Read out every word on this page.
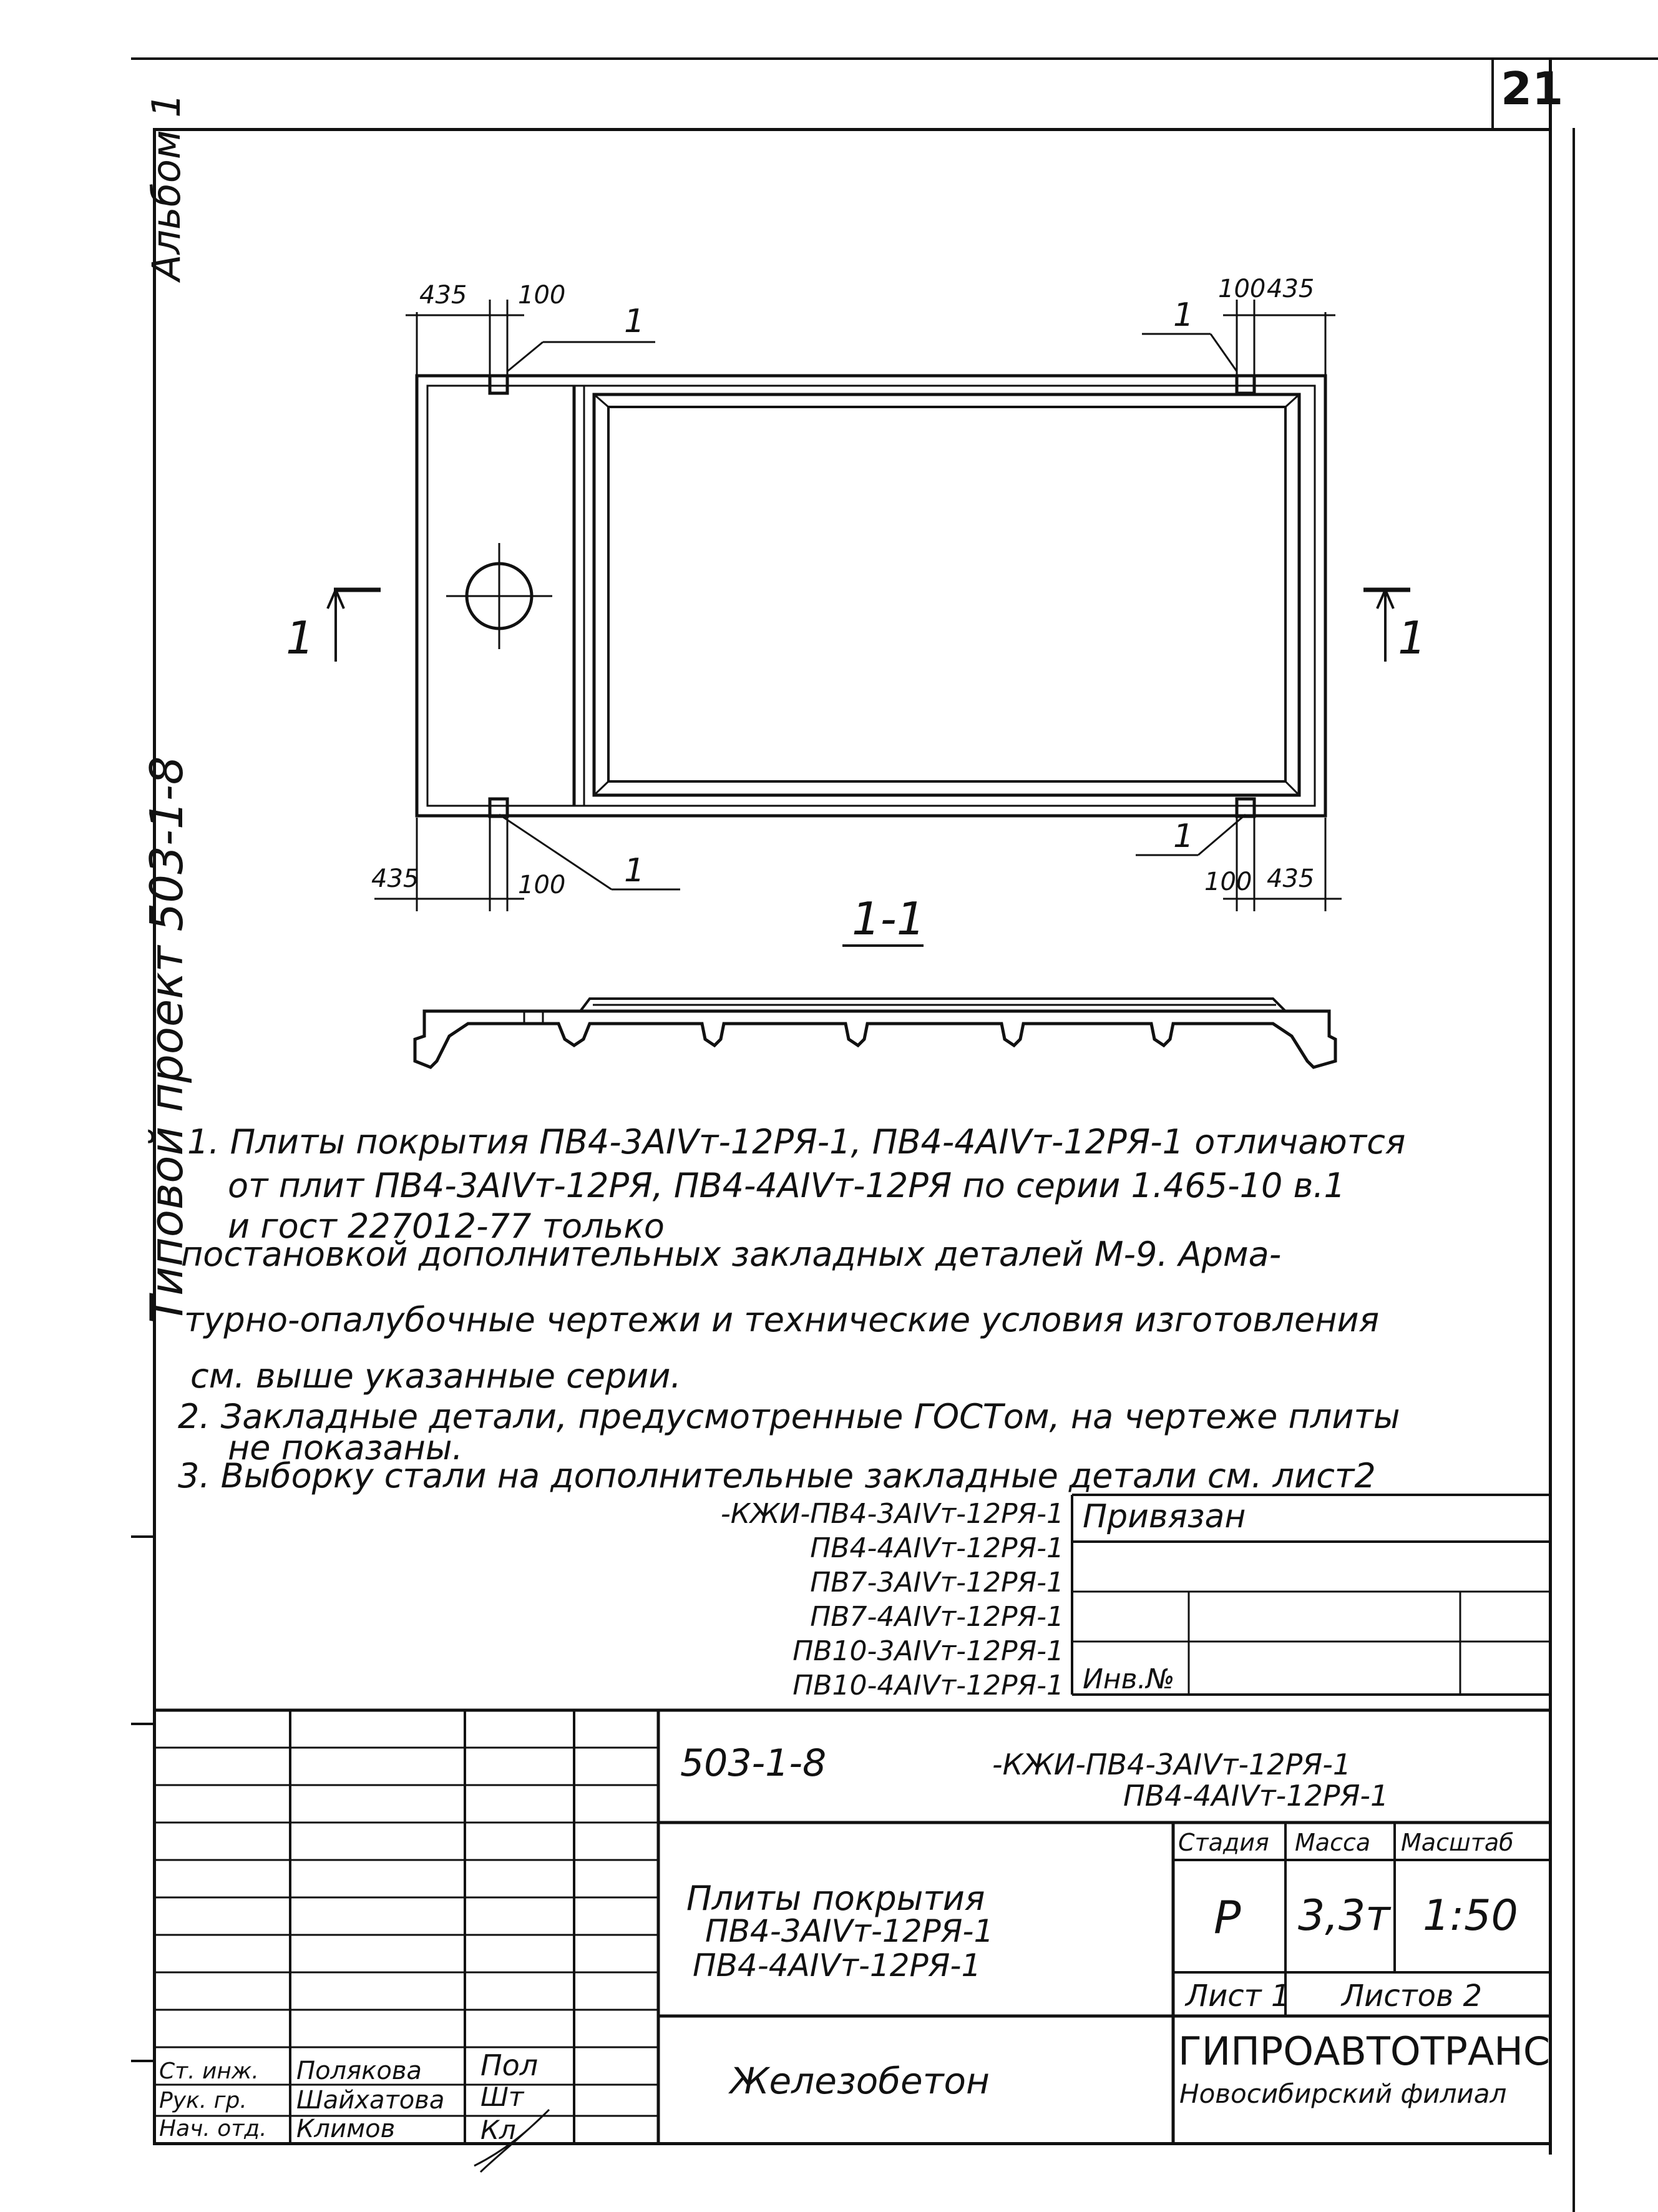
21
Альбом 1
Типовой проект 503-1-8
435 100	100 435
435	100	100 435
1	1
1
1
1	1
1-1
1. Плиты покрытия ПВ4-3АIVт-12РЯ-1, ПВ4-4АIVт-12РЯ-1 отличаются
от плит ПВ4-3АIVт-12РЯ, ПВ4-4АIVт-12РЯ по серии 1.465-10 в.1
и гост 227012-77 только
постановкой дополнительных закладных деталей М-9. Арма-
турно-опалубочные чертежи и технические условия изготовления
см. выше указанные серии.
2. Закладные детали, предусмотренные ГОСТом, на чертеже плиты
не показаны.
3. Выборку стали на дополнительные закладные детали см. лист2
-КЖИ-ПВ4-3АIVт-12РЯ-1
ПВ4-4АIVт-12РЯ-1
ПВ7-3АIVт-12РЯ-1
ПВ7-4АIVт-12РЯ-1
ПВ10-3АIVт-12РЯ-1
ПВ10-4АIVт-12РЯ-1
Привязан
Инв.№
503-1-8	-КЖИ-ПВ4-3АIVт-12РЯ-1
ПВ4-4АIVт-12РЯ-1
Плиты покрытия
ПВ4-3АIVт-12РЯ-1
ПВ4-4АIVт-12РЯ-1
Стадия Масса Масштаб
Р 3,3т 1:50
Лист 1 Листов 2
Железобетон
ГИПРОАВТОТРАНС
Новосибирский филиал
Ст. инж. Полякова Пол
Рук. гр. Шайхатова Шт
Нач. отд. Климов	Кл
